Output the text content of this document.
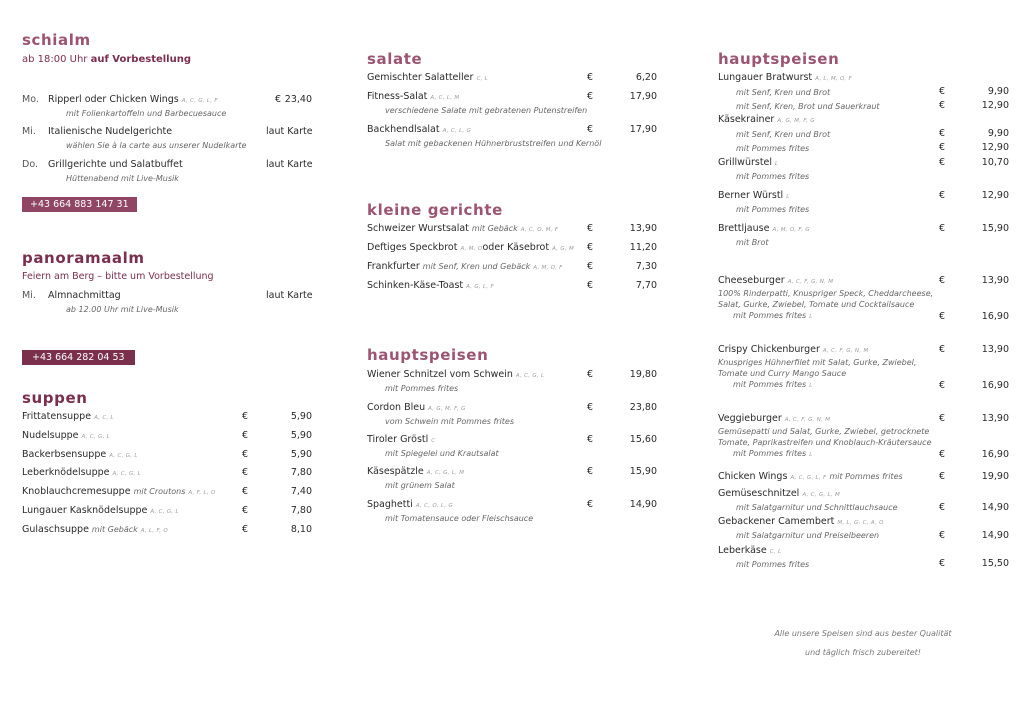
schialm
ab 18:00 Uhr auf Vorbestellung
Mo. Ripperl oder Chicken Wings A, C, G, L, F
mit Folienkartoffeln und Barbecuesauce
€ 23,40
Mi. Italienische Nudelgerichte
wählen Sie à la carte aus unserer Nudelkarte
laut Karte
Do. Grillgerichte und Salatbuffet
Hüttenabend mit Live-Musik
laut Karte
+43 664 883 147 31
panoramaalm
Feiern am Berg – bitte um Vorbestellung
Mi. Almnachmittag
ab 12.00 Uhr mit Live-Musik
laut Karte
+43 664 282 04 53
suppen
Frittatensuppe A, C, L	€	5,90
Nudelsuppe A, C, G, L	€	5,90
Backerbsensuppe A, C, G, L	€	5,90
Leberknödelsuppe A, C, G, L	€	7,80
Knoblauchcremesuppe mit Croutons A, F, L, O	€	7,40
Lungauer Kasknödelsuppe A, C, G, L	€	7,80
Gulaschsuppe mit Gebäck A, L, F, O	€	8,10
salate
Gemischter Salatteller C, L	€	6,20
Fitness-Salat A, C, L, M	€	17,90
verschiedene Salate mit gebratenen Putenstreifen
Backhendlsalat A, C, L, G	€	17,90
Salat mit gebackenen Hühnerbruststreifen und Kernöl
kleine gerichte
Schweizer Wurstsalat mit Gebäck A, C, O, M, F	€	13,90
Deftiges Speckbrot A, M, Ooder Käsebrot A, G, M €	11,20
Frankfurter mit Senf, Kren und Gebäck A, M, O, F	€	7,30
Schinken-Käse-Toast A, G, L, F	€	7,70
hauptspeisen
Wiener Schnitzel vom Schwein A, C, G, L	€	19,80
mit Pommes frites
Cordon Bleu A, G, M, F, G	€	23,80
vom Schwein mit Pommes frites
Tiroler Gröstl C	€	15,60
mit Spiegelei und Krautsalat
Käsespätzle A, C, G, L, M	€	15,90
mit grünem Salat
Spaghetti A, C, O, L, G	€	14,90
mit Tomatensauce oder Fleischsauce
hauptspeisen
Lungauer Bratwurst A, L, M, O, F
mit Senf, Kren und Brot	€	9,90
mit Senf, Kren, Brot und Sauerkraut	€	12,90
Käsekrainer A, G, M, F, G
mit Senf, Kren und Brot	€	9,90
mit Pommes frites	€	12,90
Grillwürstel L	€	10,70
mit Pommes frites
Berner Würstl L	€	12,90
mit Pommes frites
Brettljause A, M, O, F, G	€	15,90
mit Brot
Cheeseburger A, C, F, G, N, M	€	13,90
100% Rinderpatti, Knuspriger Speck, Cheddarcheese,
Salat, Gurke, Zwiebel, Tomate und Cocktailsauce
mit Pommes frites L	€	16,90
Crispy Chickenburger A, C, F, G, N, M	€	13,90
Knuspriges Hühnerfilet mit Salat, Gurke, Zwiebel,
Tomate und Curry Mango Sauce
mit Pommes frites L	€	16,90
Veggieburger A, C, F, G, N, M	€	13,90
Gemüsepatti und Salat, Gurke, Zwiebel, getrocknete
Tomate, Paprikastreifen und Knoblauch-Kräutersauce
mit Pommes frites L	€	16,90
Chicken Wings A, C, G, L, F mit Pommes frites	€	19,90
Gemüseschnitzel A, C, G, L, M
mit Salatgarnitur und Schnittlauchsauce	€	14,90
Gebackener Camembert M, L, G, C, A, O
mit Salatgarnitur und Preiselbeeren	€	14,90
Leberkäse C, L
mit Pommes frites	€	15,50
Alle unsere Speisen sind aus bester Qualität
und täglich frisch zubereitet!
